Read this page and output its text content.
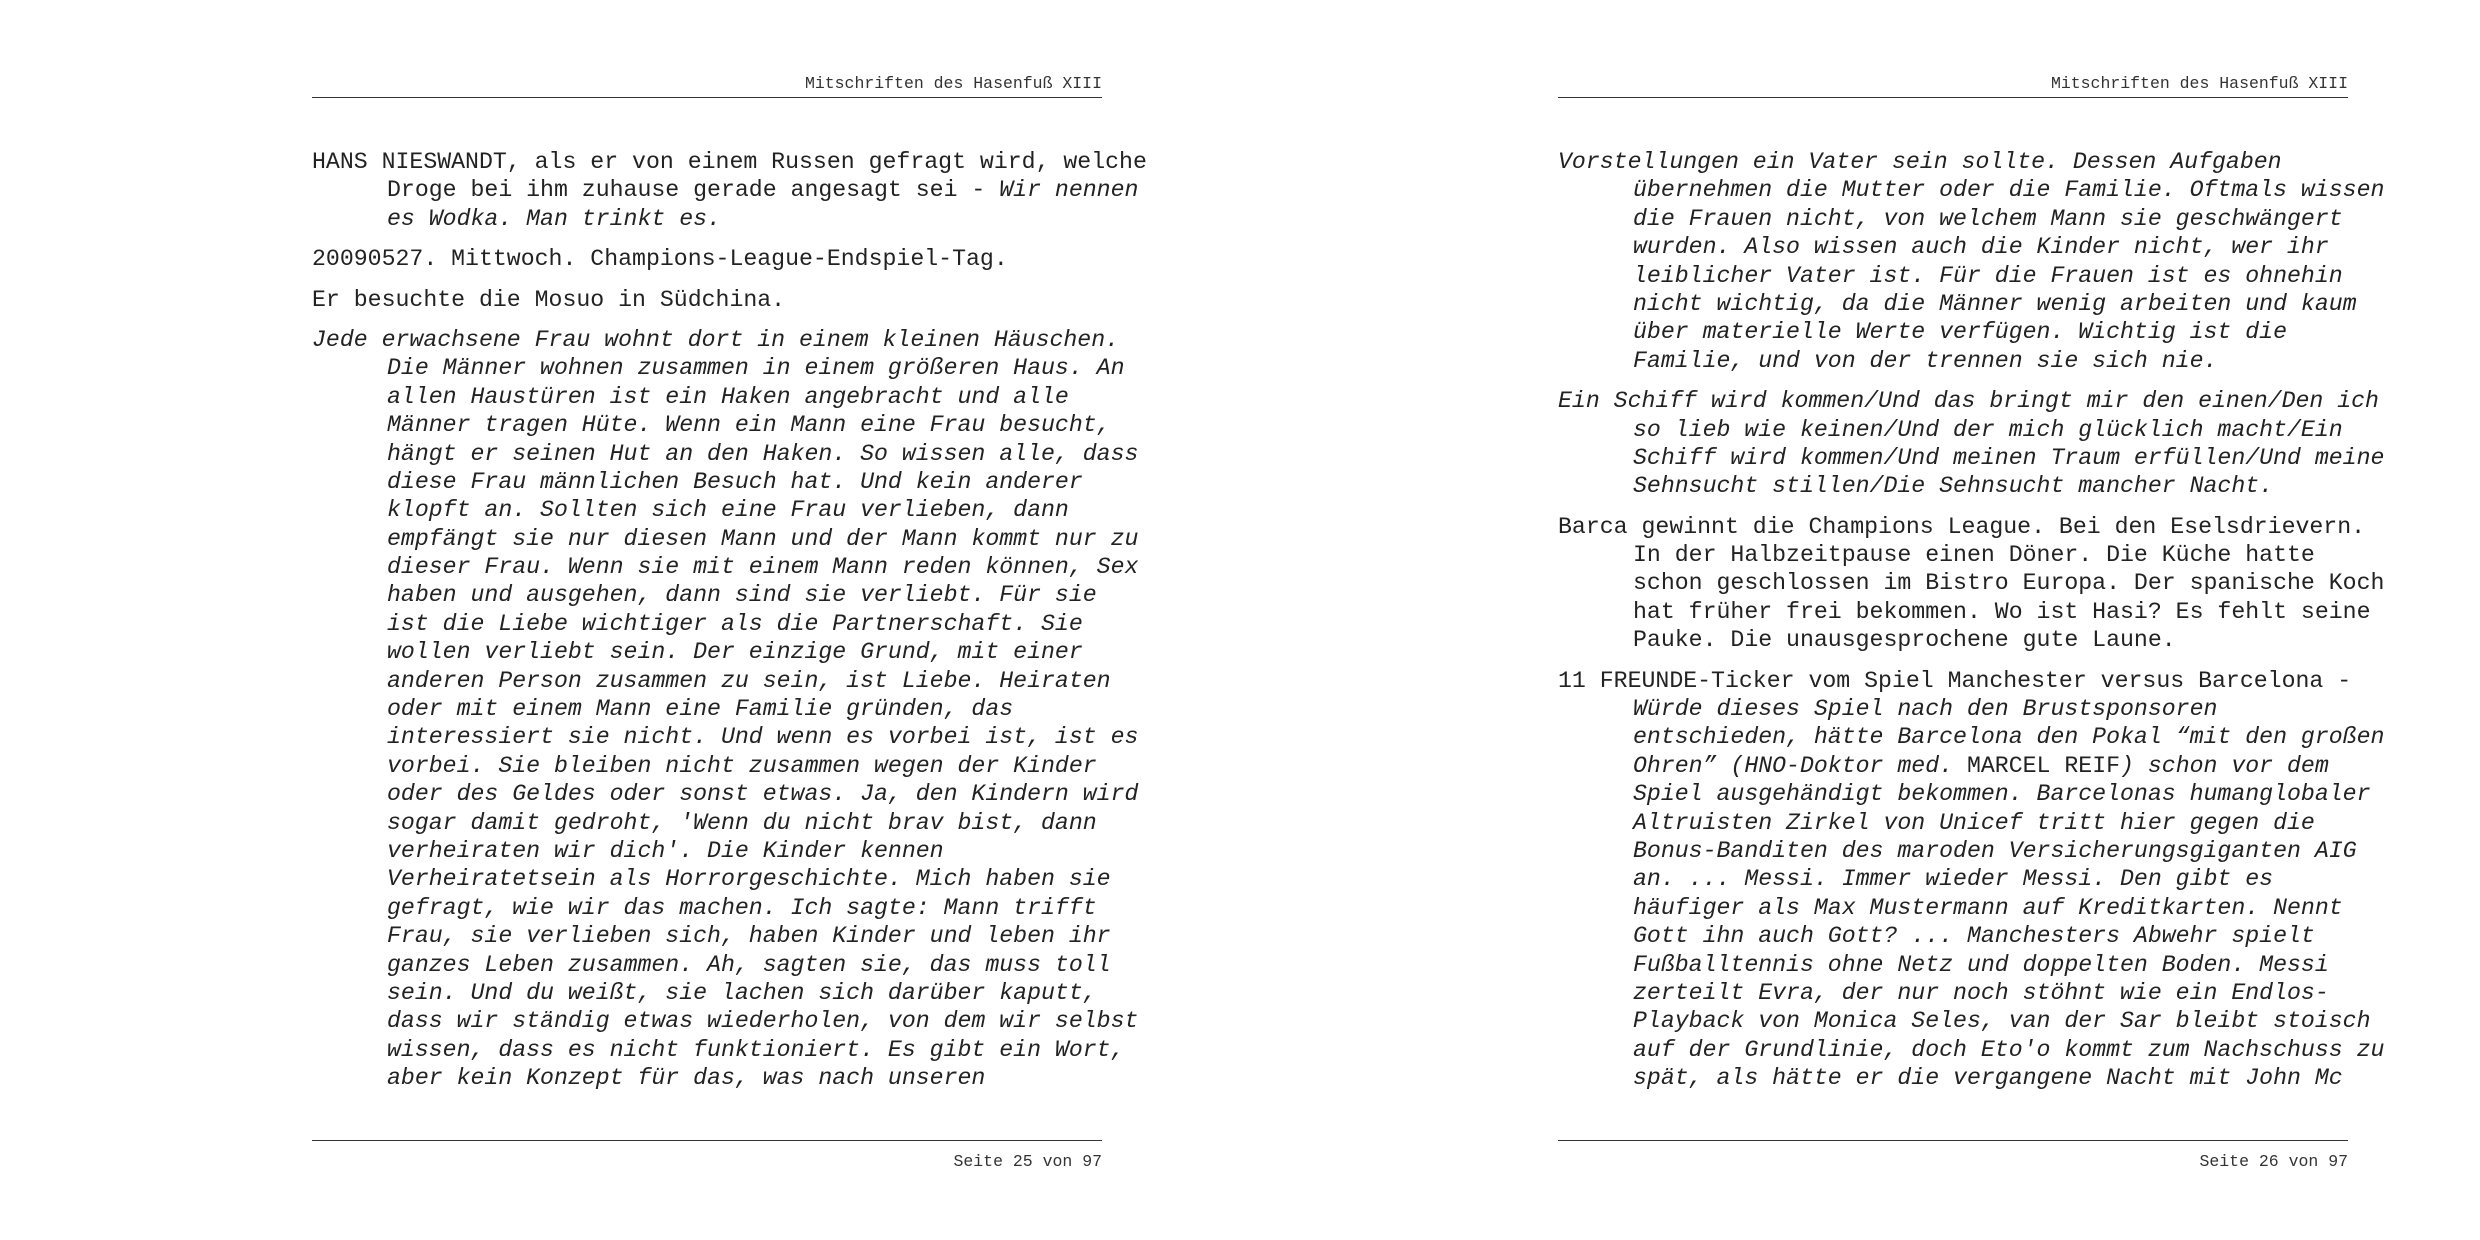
Mitschriften des Hasenfuß XIII
HANS NIESWANDT, als er von einem Russen gefragt wird, welche
Droge bei ihm zuhause gerade angesagt sei - Wir nennen
es Wodka. Man trinkt es.
20090527. Mittwoch. Champions-League-Endspiel-Tag.
Er besuchte die Mosuo in Südchina.
Jede erwachsene Frau wohnt dort in einem kleinen Häuschen.
Die Männer wohnen zusammen in einem größeren Haus. An
allen Haustüren ist ein Haken angebracht und alle
Männer tragen Hüte. Wenn ein Mann eine Frau besucht,
hängt er seinen Hut an den Haken. So wissen alle, dass
diese Frau männlichen Besuch hat. Und kein anderer
klopft an. Sollten sich eine Frau verlieben, dann
empfängt sie nur diesen Mann und der Mann kommt nur zu
dieser Frau. Wenn sie mit einem Mann reden können, Sex
haben und ausgehen, dann sind sie verliebt. Für sie
ist die Liebe wichtiger als die Partnerschaft. Sie
wollen verliebt sein. Der einzige Grund, mit einer
anderen Person zusammen zu sein, ist Liebe. Heiraten
oder mit einem Mann eine Familie gründen, das
interessiert sie nicht. Und wenn es vorbei ist, ist es
vorbei. Sie bleiben nicht zusammen wegen der Kinder
oder des Geldes oder sonst etwas. Ja, den Kindern wird
sogar damit gedroht, 'Wenn du nicht brav bist, dann
verheiraten wir dich'. Die Kinder kennen
Verheiratetsein als Horrorgeschichte. Mich haben sie
gefragt, wie wir das machen. Ich sagte: Mann trifft
Frau, sie verlieben sich, haben Kinder und leben ihr
ganzes Leben zusammen. Ah, sagten sie, das muss toll
sein. Und du weißt, sie lachen sich darüber kaputt,
dass wir ständig etwas wiederholen, von dem wir selbst
wissen, dass es nicht funktioniert. Es gibt ein Wort,
aber kein Konzept für das, was nach unseren
Seite 25 von 97
Mitschriften des Hasenfuß XIII
Vorstellungen ein Vater sein sollte. Dessen Aufgaben
übernehmen die Mutter oder die Familie. Oftmals wissen
die Frauen nicht, von welchem Mann sie geschwängert
wurden. Also wissen auch die Kinder nicht, wer ihr
leiblicher Vater ist. Für die Frauen ist es ohnehin
nicht wichtig, da die Männer wenig arbeiten und kaum
über materielle Werte verfügen. Wichtig ist die
Familie, und von der trennen sie sich nie.
Ein Schiff wird kommen/Und das bringt mir den einen/Den ich
so lieb wie keinen/Und der mich glücklich macht/Ein
Schiff wird kommen/Und meinen Traum erfüllen/Und meine
Sehnsucht stillen/Die Sehnsucht mancher Nacht.
Barca gewinnt die Champions League. Bei den Eselsdrievern.
In der Halbzeitpause einen Döner. Die Küche hatte
schon geschlossen im Bistro Europa. Der spanische Koch
hat früher frei bekommen. Wo ist Hasi? Es fehlt seine
Pauke. Die unausgesprochene gute Laune.
11 FREUNDE-Ticker vom Spiel Manchester versus Barcelona -
Würde dieses Spiel nach den Brustsponsoren
entschieden, hätte Barcelona den Pokal “mit den großen
Ohren” (HNO-Doktor med. MARCEL REIF) schon vor dem
Spiel ausgehändigt bekommen. Barcelonas humanglobaler
Altruisten Zirkel von Unicef tritt hier gegen die
Bonus-Banditen des maroden Versicherungsgiganten AIG
an. ... Messi. Immer wieder Messi. Den gibt es
häufiger als Max Mustermann auf Kreditkarten. Nennt
Gott ihn auch Gott? ... Manchesters Abwehr spielt
Fußballtennis ohne Netz und doppelten Boden. Messi
zerteilt Evra, der nur noch stöhnt wie ein Endlos-
Playback von Monica Seles, van der Sar bleibt stoisch
auf der Grundlinie, doch Eto'o kommt zum Nachschuss zu
spät, als hätte er die vergangene Nacht mit John Mc
Seite 26 von 97
